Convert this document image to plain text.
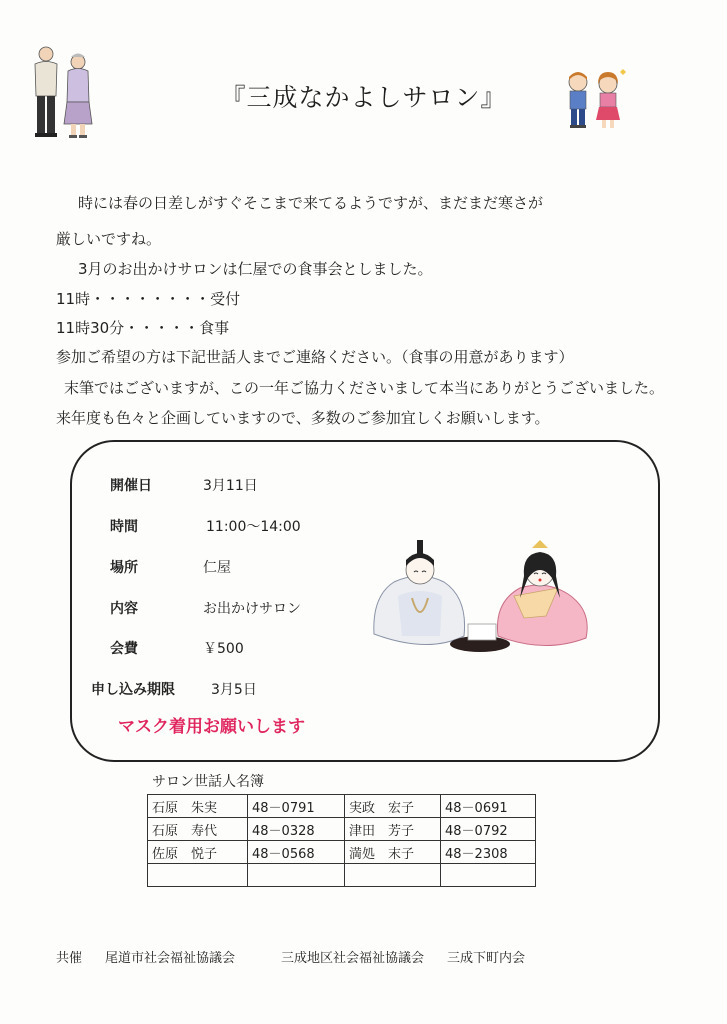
『三成なかよしサロン』
時には春の日差しがすぐそこまで来てるようですが、まだまだ寒さが
厳しいですね。
3月のお出かけサロンは仁屋での食事会としました。
11時・・・・・・・・受付
11時30分・・・・・食事
参加ご希望の方は下記世話人までご連絡ください。（食事の用意があります）
末筆ではございますが、この一年ご協力くださいまして本当にありがとうございました。
来年度も色々と企画していますので、多数のご参加宜しくお願いします。
開催日	3月11日
時間	11:00〜14:00
場所	仁屋
内容	お出かけサロン
会費	￥500
申し込み期限	3月5日
マスク着用お願いします
サロン世話人名簿
石原　朱実	48－0791	実政　宏子	48－0691
石原　寿代	48－0328	津田　芳子	48－0792
佐原　悦子	48－0568	満処　末子	48－2308

共催 尾道市社会福祉協議会	三成地区社会福祉協議会 三成下町内会
